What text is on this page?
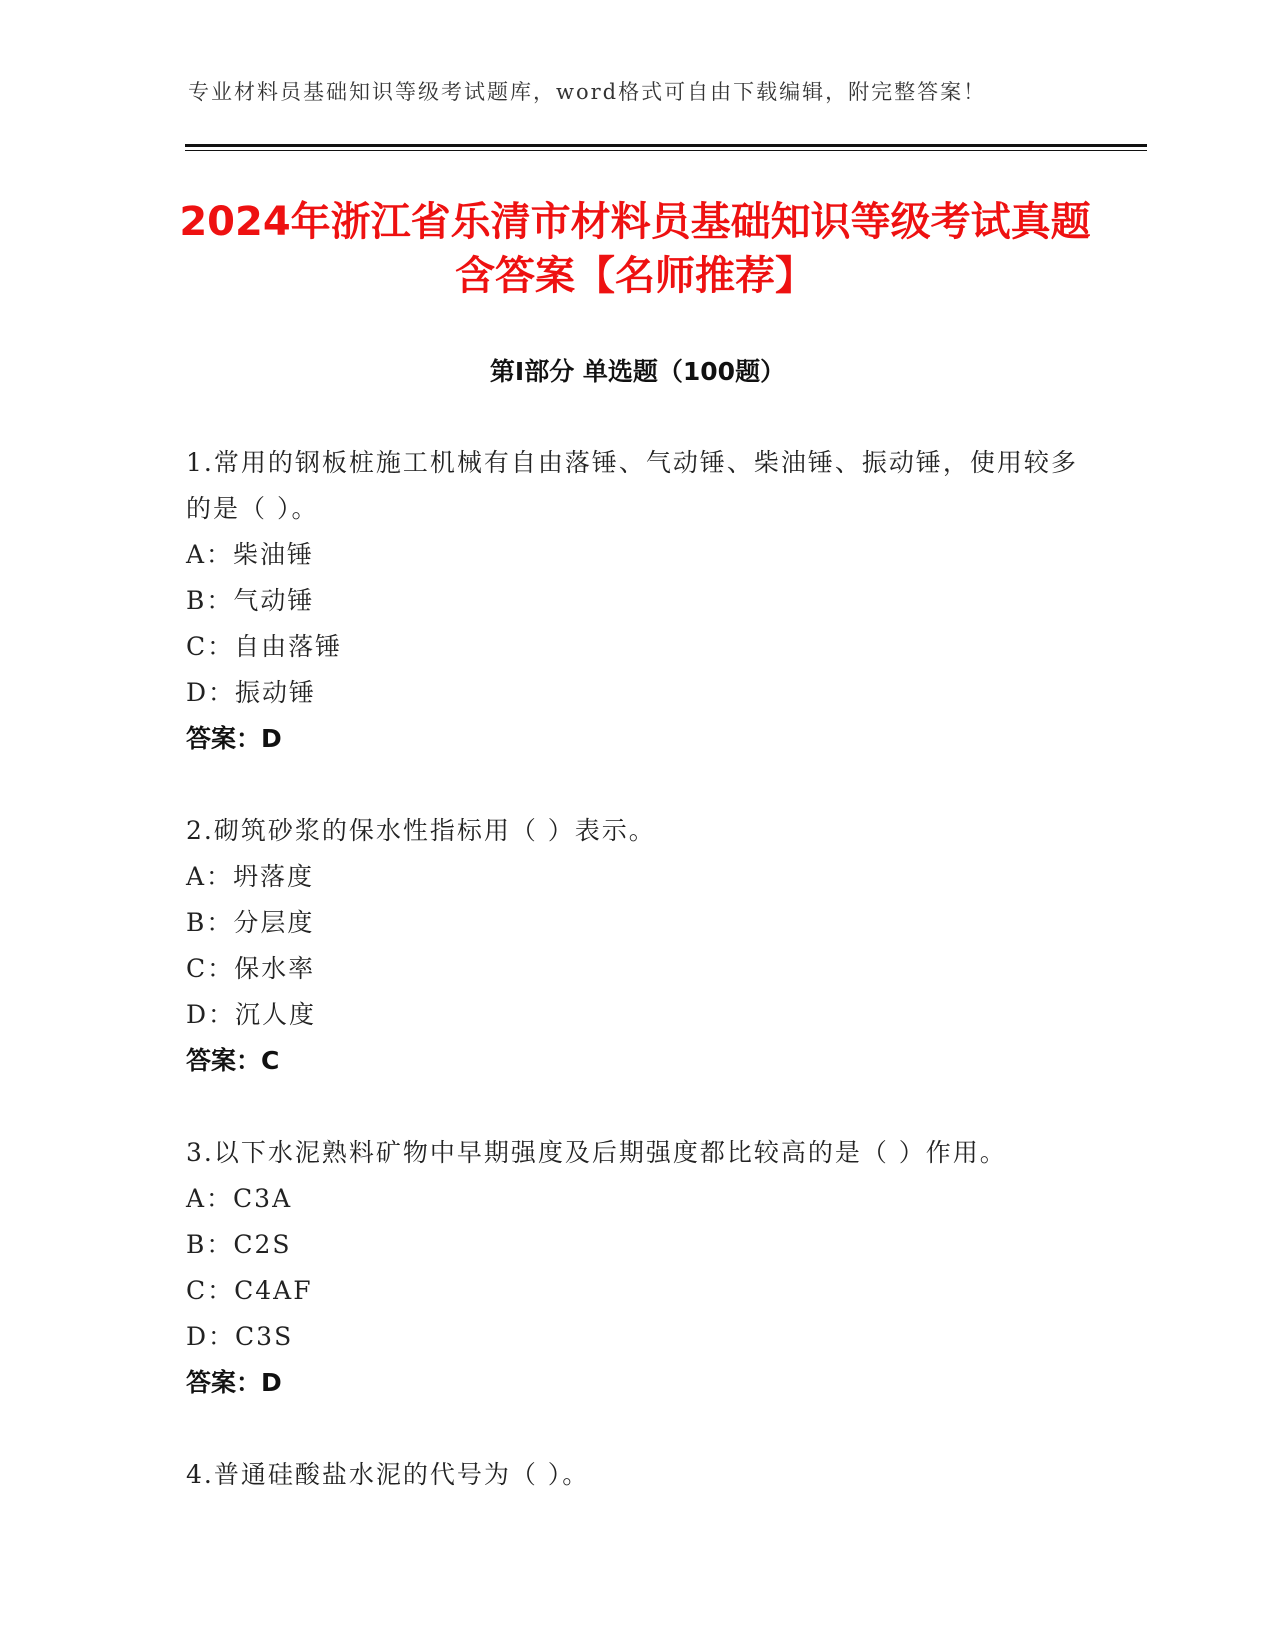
专业材料员基础知识等级考试题库，word格式可自由下载编辑，附完整答案！
2024年浙江省乐清市材料员基础知识等级考试真题含答案【名师推荐】
第Ⅰ部分 单选题（100题）
1.常用的钢板桩施工机械有自由落锤、气动锤、柴油锤、振动锤，使用较多的是（ ）。
A：柴油锤
B：气动锤
C：自由落锤
D：振动锤
答案：D
2.砌筑砂浆的保水性指标用（ ）表示。
A：坍落度
B：分层度
C：保水率
D：沉人度
答案：C
3.以下水泥熟料矿物中早期强度及后期强度都比较高的是（ ）作用。
A：C3A
B：C2S
C：C4AF
D：C3S
答案：D
4.普通硅酸盐水泥的代号为（ ）。
